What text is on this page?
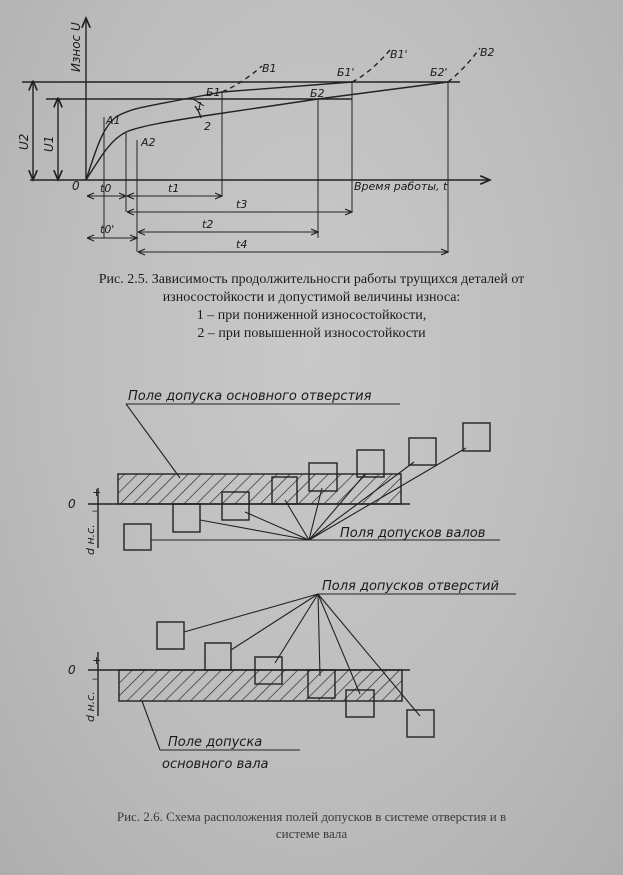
Износ U
U2 U1
A1
A2
Б1	Б2
Б1'	Б2'
В1
В2
В1'
1
2
0	Время работы, t
t0	t1
t3
t0'	t2
t4
Поле допуска основного отверстия
Поля допусков валов
0
+
–
d н.с.
Поля допусков отверстий
Поле допуска
основного вала
0
+
–
d н.с.
Рис. 2.5. Зависимость продолжительносги работы трущихся деталей от
износостойкости и допустимой величины износа:
1 – при пониженной износостойкости,
2 – при повышенной износостойкости
Рис. 2.6. Схема расположения полей допусков в системе отверстия и в
системе вала
